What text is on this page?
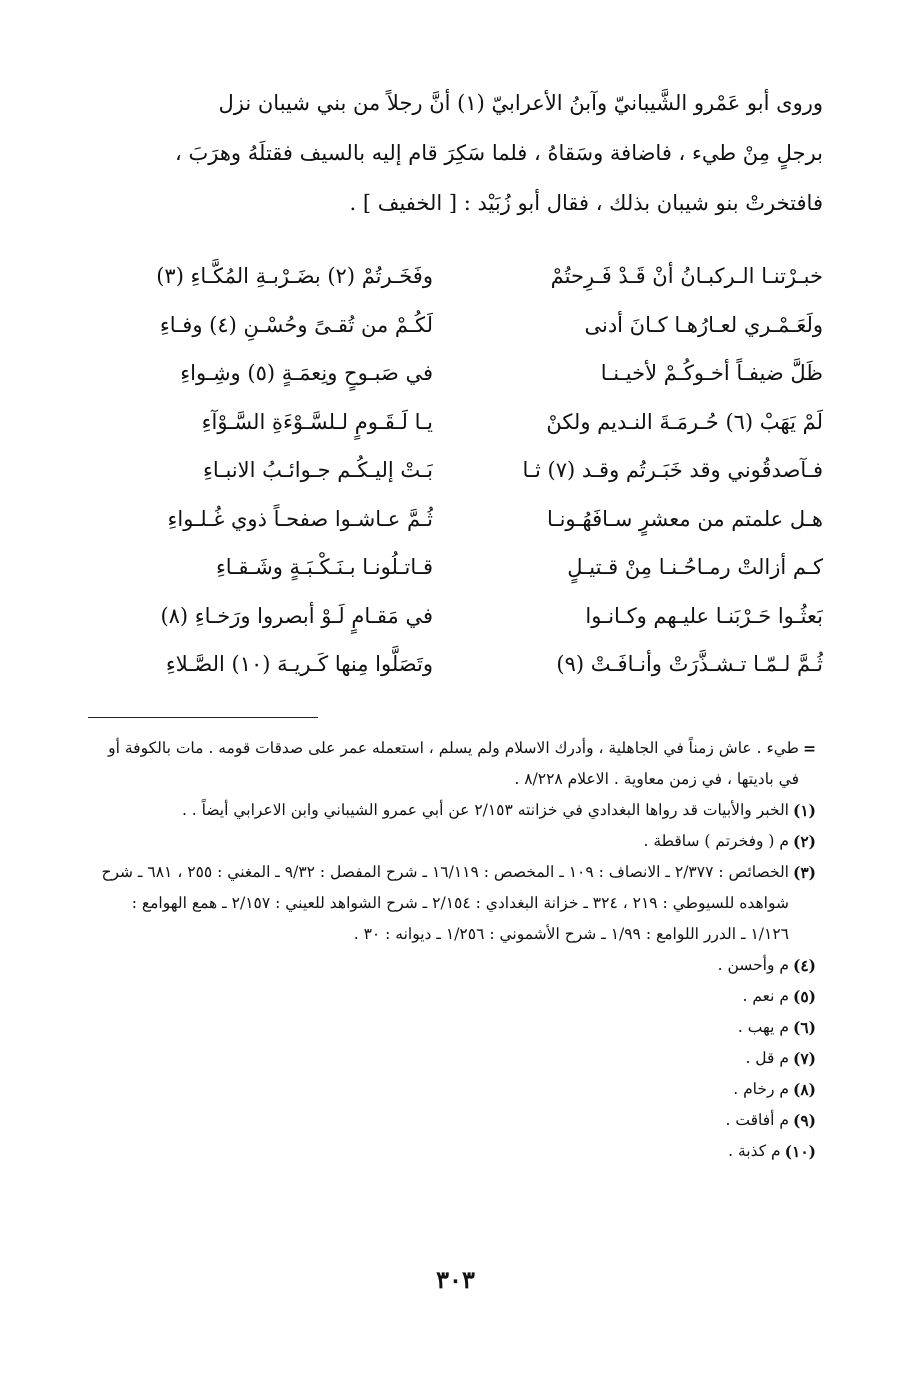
وروى أبو عَمْرو الشَّيبانيّ وآبنُ الأعرابيّ (١) أنَّ رجلاً من بني شيبان نزل

برجلٍ مِنْ طيء ، فاضافة وسَقاهُ ، فلما سَكِرَ قام إليه بالسيف فقتلَهُ وهرَبَ ،

فافتخرتْ بنو شيبان بذلك ، فقال أبو زُبَيْد : [ الخفيف ] .

خبـرْتنـا الـركبـانُ أنْ قَـدْ فَـرِحتُمْ
وفَخَـرتُمْ (٢) بضَـرْبـةِ المُكَّـاءِ (٣)
ولَعَـمْـري لعـارُهـا كـانَ أدنى
لَكُـمْ من تُقـىً وحُسْـنِ (٤) وفـاءِ
ظَلَّ ضيفـاً أخـوكُـمْ لأخيـنـا
في صَبـوحٍ ونِعمَـةٍ (٥) وشِـواءِ
لَمْ يَهَبْ (٦) حُـرمَـةَ النـديم ولكنْ
يـا لَـقَـومٍ لـلسَّـوْءَةِ السَّـوْآءِ
فـآصدقُوني وقد خَبَـرتُم وقـد (٧) ثـا
بَـتْ إليـكُـم جـوائـبُ الانبـاءِ
هـل علمتم من معشرٍ سـافَهُـونـا
ثُـمَّ عـاشـوا صفحـاً ذوي غُـلـواءِ
كـم أزالتْ رمـاحُـنـا مِنْ قـتيـلٍ
قـاتـلُونـا بـنَـكْـبَـةٍ وشَـقـاءِ
بَعثُـوا حَـرْبَنـا عليـهم وكـانـوا
في مَقـامٍ لَـوْ أبصروا ورَخـاءِ (٨)
ثُـمَّ لـمّـا تـشـذَّرَتْ وأنـافَـتْ (٩)
وتَصَلَّوا مِنها كَـريـهَ (١٠) الصَّـلاءِ
=
طيء . عاش زمناً في الجاهلية ، وأدرك الاسلام ولم يسلم ، استعمله عمر على صدقات قومه . مات بالكوفة أو في باديتها ، في زمن معاوية . الاعلام ٨/٢٢٨ .
(١)
الخبر والأبيات قد رواها البغدادي في خزانته ٢/١٥٣ عن أبي عمرو الشيباني وابن الاعرابي أيضاً . .
(٢)
م ( وفخرتم ) ساقطة .
(٣)
الخصائص : ٢/٣٧٧ ـ الانصاف : ١٠٩ ـ المخصص : ١٦/١١٩ ـ شرح المفصل : ٩/٣٢ ـ المغني : ٢٥٥ ، ٦٨١ ـ شرح شواهده للسيوطي : ٢١٩ ، ٣٢٤ ـ خزانة البغدادي : ٢/١٥٤ ـ شرح الشواهد للعيني : ٢/١٥٧ ـ همع الهوامع : ١/١٢٦ ـ الدرر اللوامع : ١/٩٩ ـ شرح الأشموني : ١/٢٥٦ ـ ديوانه : ٣٠ .
(٤)
م وأحسن .
(٥)
م نعم .
(٦)
م يهب .
(٧)
م قل .
(٨)
م رخام .
(٩)
م أفاقت .
(١٠)
م كذبة .
٣٠٣
